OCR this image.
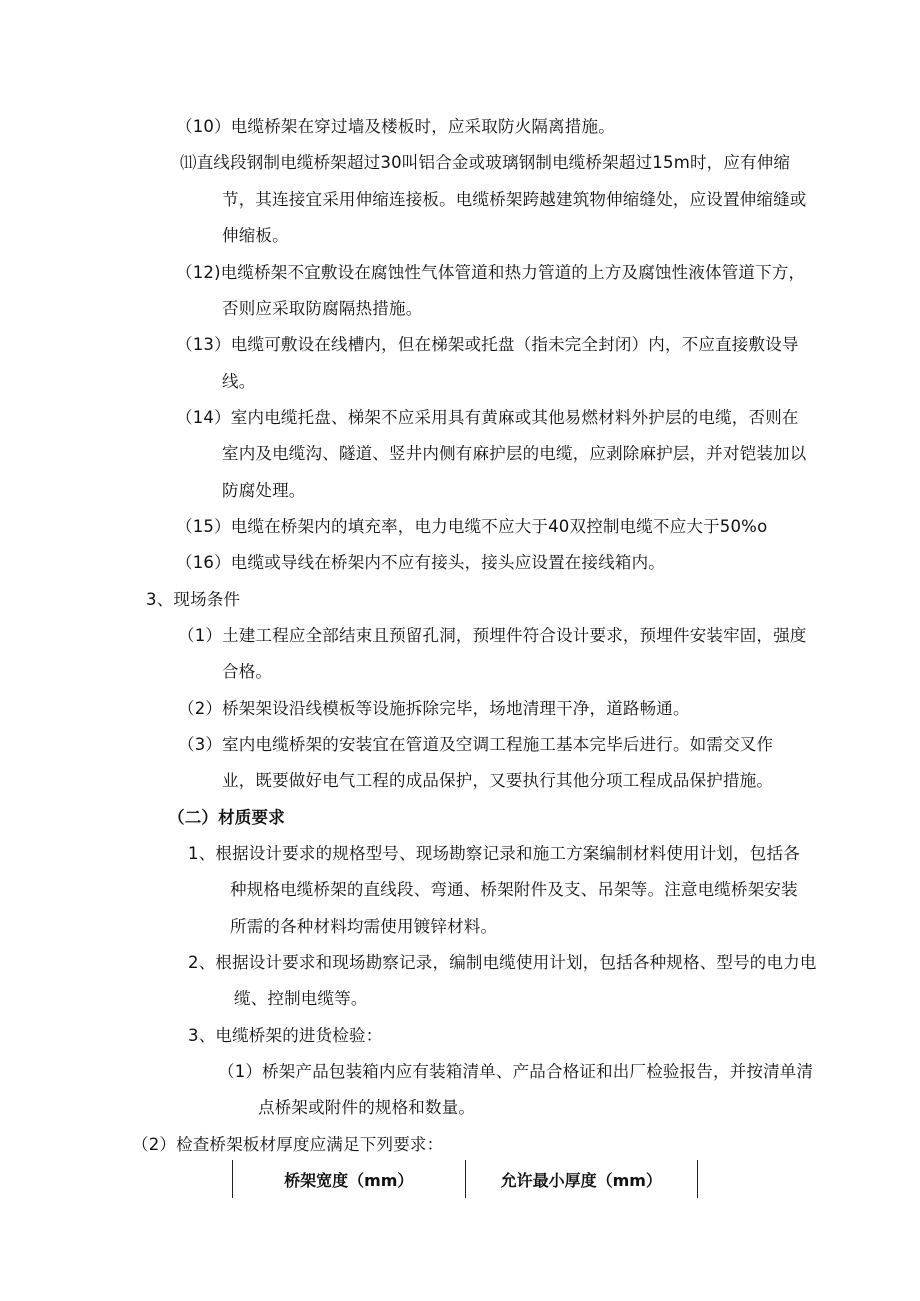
（10）电缆桥架在穿过墙及楼板时，应采取防火隔离措施。

⑾直线段钢制电缆桥架超过30叫铝合金或玻璃钢制电缆桥架超过15m时，应有伸缩

节，其连接宜采用伸缩连接板。电缆桥架跨越建筑物伸缩缝处，应设置伸缩缝或

伸缩板。

（12)电缆桥架不宜敷设在腐蚀性气体管道和热力管道的上方及腐蚀性液体管道下方，

否则应采取防腐隔热措施。

（13）电缆可敷设在线槽内，但在梯架或托盘（指未完全封闭）内，不应直接敷设导

线。

（14）室内电缆托盘、梯架不应采用具有黄麻或其他易燃材料外护层的电缆，否则在

室内及电缆沟、隧道、竖井内侧有麻护层的电缆，应剥除麻护层，并对铠装加以

防腐处理。

（15）电缆在桥架内的填充率，电力电缆不应大于40双控制电缆不应大于50%o

（16）电缆或导线在桥架内不应有接头，接头应设置在接线箱内。

3、现场条件

（1）土建工程应全部结束且预留孔洞，预埋件符合设计要求，预埋件安装牢固，强度

合格。

（2）桥架架设沿线模板等设施拆除完毕，场地清理干净，道路畅通。

（3）室内电缆桥架的安装宜在管道及空调工程施工基本完毕后进行。如需交叉作

业，既要做好电气工程的成品保护，又要执行其他分项工程成品保护措施。

（二）材质要求

1、根据设计要求的规格型号、现场勘察记录和施工方案编制材料使用计划，包括各

种规格电缆桥架的直线段、弯通、桥架附件及支、吊架等。注意电缆桥架安装

所需的各种材料均需使用镀锌材料。

2、根据设计要求和现场勘察记录，编制电缆使用计划，包括各种规格、型号的电力电

缆、控制电缆等。

3、电缆桥架的进货检验：

（1）桥架产品包装箱内应有装箱清单、产品合格证和出厂检验报告，并按清单清

点桥架或附件的规格和数量。

（2）检查桥架板材厚度应满足下列要求：

桥架宽度（mm）	允许最小厚度（mm）
